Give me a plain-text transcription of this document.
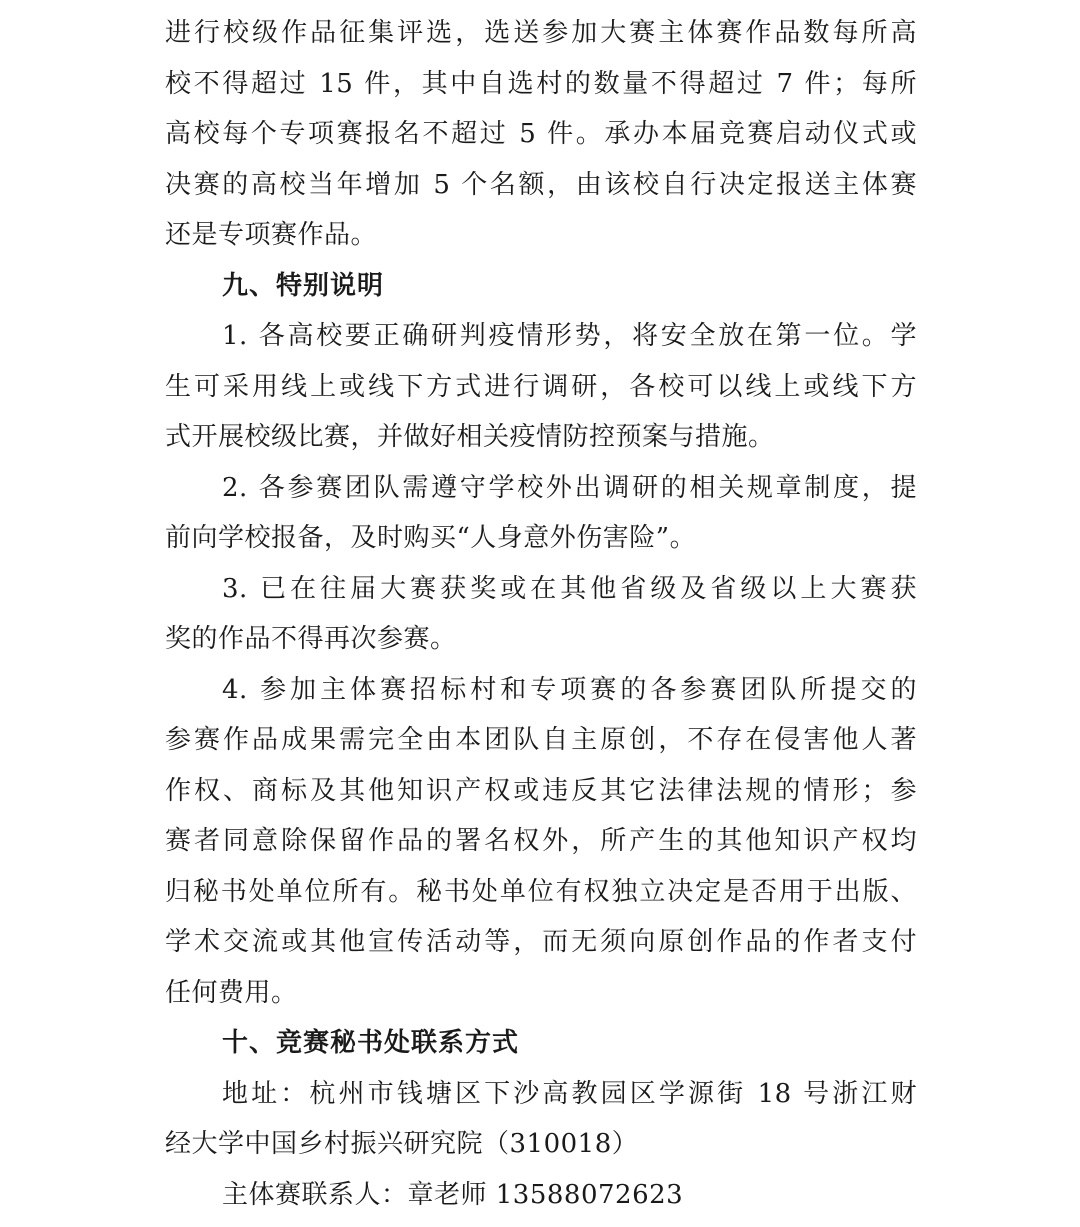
进行校级作品征集评选，选送参加大赛主体赛作品数每所高
校不得超过 15 件，其中自选村的数量不得超过 7 件；每所
高校每个专项赛报名不超过 5 件。承办本届竞赛启动仪式或
决赛的高校当年增加 5 个名额，由该校自行决定报送主体赛
还是专项赛作品。
九、特别说明
1. 各高校要正确研判疫情形势，将安全放在第一位。学
生可采用线上或线下方式进行调研，各校可以线上或线下方
式开展校级比赛，并做好相关疫情防控预案与措施。
2. 各参赛团队需遵守学校外出调研的相关规章制度，提
前向学校报备，及时购买“人身意外伤害险”。
3. 已在往届大赛获奖或在其他省级及省级以上大赛获
奖的作品不得再次参赛。
4. 参加主体赛招标村和专项赛的各参赛团队所提交的
参赛作品成果需完全由本团队自主原创，不存在侵害他人著
作权、商标及其他知识产权或违反其它法律法规的情形；参
赛者同意除保留作品的署名权外，所产生的其他知识产权均
归秘书处单位所有。秘书处单位有权独立决定是否用于出版、
学术交流或其他宣传活动等，而无须向原创作品的作者支付
任何费用。
十、竞赛秘书处联系方式
地址：杭州市钱塘区下沙高教园区学源街 18 号浙江财
经大学中国乡村振兴研究院（310018）
主体赛联系人：章老师 13588072623
